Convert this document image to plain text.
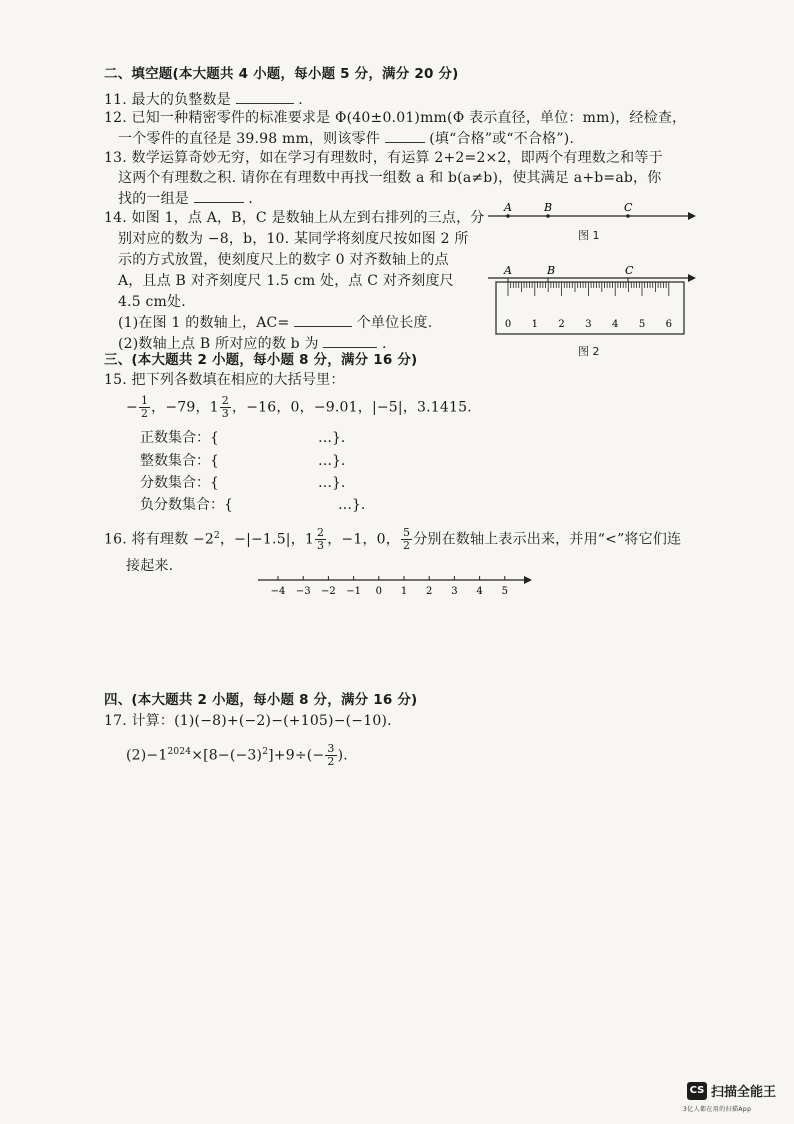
二、填空题(本大题共 4 小题，每小题 5 分，满分 20 分)
11. 最大的负整数是	.
12. 已知一种精密零件的标准要求是 Φ(40±0.01)mm(Φ 表示直径，单位：mm)，经检查，
一个零件的直径是 39.98 mm，则该零件	(填“合格”或“不合格”).
13. 数学运算奇妙无穷，如在学习有理数时，有运算 2+2=2×2，即两个有理数之和等于
这两个有理数之积. 请你在有理数中再找一组数 a 和 b(a≠b)，使其满足 a+b=ab，你
找的一组是	.
14. 如图 1，点 A，B，C 是数轴上从左到右排列的三点，分
别对应的数为 −8，b，10. 某同学将刻度尺按如图 2 所
示的方式放置，使刻度尺上的数字 0 对齐数轴上的点
A，且点 B 对齐刻度尺 1.5 cm 处，点 C 对齐刻度尺
4.5 cm处.
(1)在图 1 的数轴上，AC=	个单位长度.
(2)数轴上点 B 所对应的数 b 为	.
A	B	C
图 1
A	B	C
0 1 2 3 4 5 6
图 2
三、(本大题共 2 小题，每小题 8 分，满分 16 分)
15. 把下列各数填在相应的大括号里：
− $\frac{1}{2}$ ，−79，$1 \frac{2}{3}$ ，−16，0，−9.01，|−5|，3.1415.
正数集合：{	…}.
整数集合：{	…}.
分数集合：{	…}.
负分数集合：{	…}.
16. 将有理数 $-2^2$，−|−1.5|，$1 \frac{2}{3}$ ，−1，0， $\frac{5}{2}$ 分别在数轴上表示出来，并用“<”将它们连
接起来.
−4 −3 −2 −1 0 1 2 3 4 5
四、(本大题共 2 小题，每小题 8 分，满分 16 分)
17. 计算：(1)(−8)+(−2)−(+105)−(−10).
$(2)-1^{2024}\times[8-(-3)^2]+9\div(- \frac{3}{2}$ ).
CS 扫描全能王
3亿人都在用的扫描App
